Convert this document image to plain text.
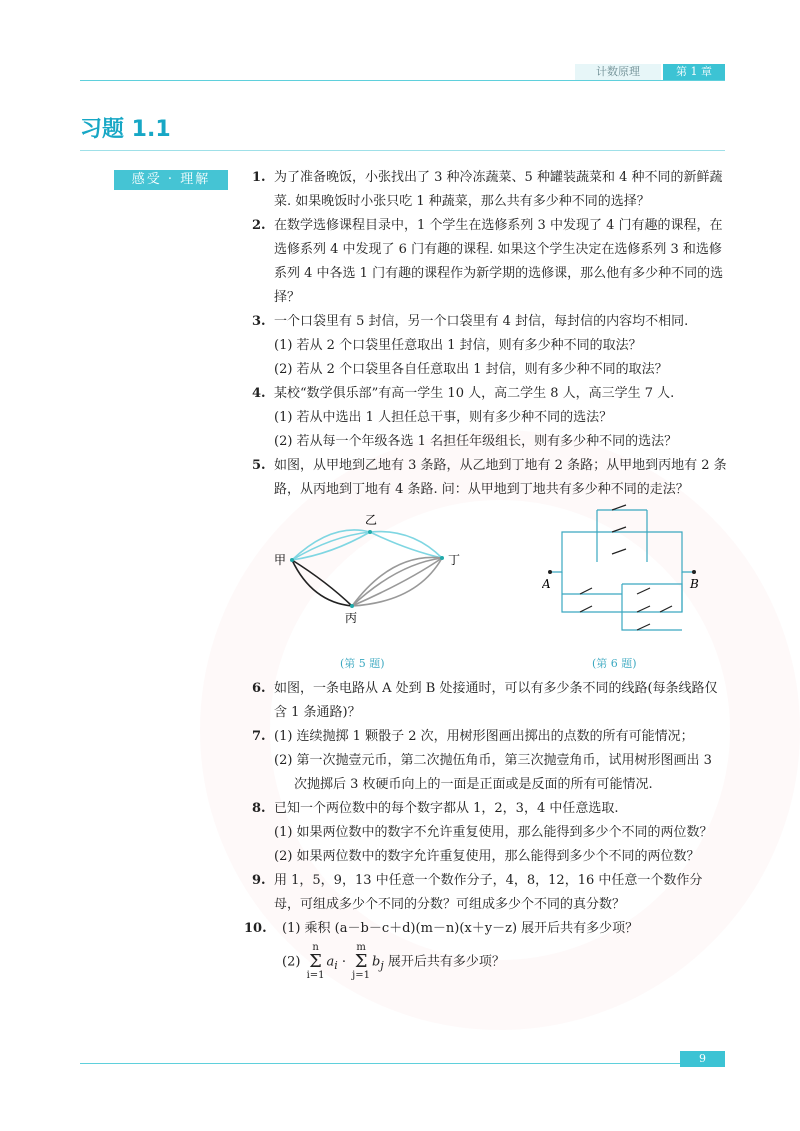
计数原理	第 1 章
习题 1.1
感受 · 理解	1. 为了准备晚饭，小张找出了 3 种冷冻蔬菜、5 种罐装蔬菜和 4 种不同的新鲜蔬菜. 如果晚饭时小张只吃 1 种蔬菜，那么共有多少种不同的选择？
2. 在数学选修课程目录中，1 个学生在选修系列 3 中发现了 4 门有趣的课程，在选修系列 4 中发现了 6 门有趣的课程. 如果这个学生决定在选修系列 3 和选修系列 4 中各选 1 门有趣的课程作为新学期的选修课，那么他有多少种不同的选择？
3. 一个口袋里有 5 封信，另一个口袋里有 4 封信，每封信的内容均不相同.
(1) 若从 2 个口袋里任意取出 1 封信，则有多少种不同的取法？
(2) 若从 2 个口袋里各自任意取出 1 封信，则有多少种不同的取法？
4. 某校“数学俱乐部”有高一学生 10 人，高二学生 8 人，高三学生 7 人.
(1) 若从中选出 1 人担任总干事，则有多少种不同的选法？
(2) 若从每一个年级各选 1 名担任年级组长，则有多少种不同的选法？
5. 如图，从甲地到乙地有 3 条路，从乙地到丁地有 2 条路；从甲地到丙地有 2 条路，从丙地到丁地有 4 条路. 问：从甲地到丁地共有多少种不同的走法？
甲
乙
丁
丙
A	B
(第 5 题)	(第 6 题)
6. 如图，一条电路从 A 处到 B 处接通时，可以有多少条不同的线路(每条线路仅含 1 条通路)？
7. (1) 连续抛掷 1 颗骰子 2 次，用树形图画出掷出的点数的所有可能情况；
(2) 第一次抛壹元币，第二次抛伍角币，第三次抛壹角币，试用树形图画出 3 次抛掷后 3 枚硬币向上的一面是正面或是反面的所有可能情况.
8. 已知一个两位数中的每个数字都从 1，2，3，4 中任意选取.
(1) 如果两位数中的数字不允许重复使用，那么能得到多少个不同的两位数？
(2) 如果两位数中的数字允许重复使用，那么能得到多少个不同的两位数？
9. 用 1，5，9，13 中任意一个数作分子，4，8，12，16 中任意一个数作分母，可组成多少个不同的分数？可组成多少个不同的真分数？
10. (1) 乘积 (a－b－c＋d)(m－n)(x＋y－z) 展开后共有多少项？
(2)
n
Σ
i=1
$a_i$ ·
m
Σ
j=1
$b_j$ 展开后共有多少项？
9
